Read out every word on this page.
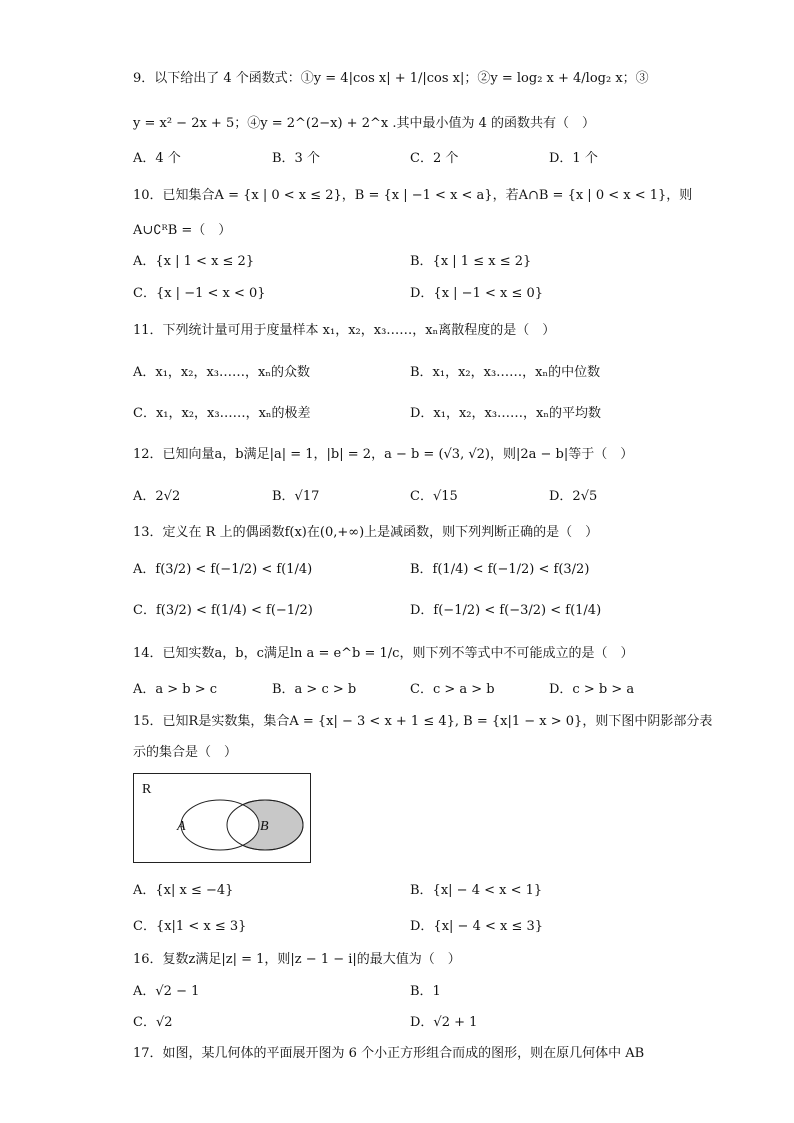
9．以下给出了 4 个函数式：①y = 4|cos x| + 1/|cos x|；②y = log₂ x + 4/log₂ x；③
y = x² − 2x + 5；④y = 2^(2−x) + 2^x .其中最小值为 4 的函数共有（　）
A．4 个	B．3 个	C．2 个	D．1 个
10．已知集合A = {x | 0 < x ≤ 2}，B = {x | −1 < x < a}，若A∩B = {x | 0 < x < 1}，则
A∪∁ᴿB =（　）
A．{x | 1 < x ≤ 2}	B．{x | 1 ≤ x ≤ 2}
C．{x | −1 < x < 0}	D．{x | −1 < x ≤ 0}
11．下列统计量可用于度量样本 x₁，x₂，x₃……，xₙ离散程度的是（　）
A．x₁，x₂，x₃……，xₙ的众数	B．x₁，x₂，x₃……，xₙ的中位数
C．x₁，x₂，x₃……，xₙ的极差	D．x₁，x₂，x₃……，xₙ的平均数
12．已知向量a，b满足|a| = 1，|b| = 2，a − b = (√3, √2)，则|2a − b|等于（　）
A．2√2	B．√17	C．√15	D．2√5
13．定义在 R 上的偶函数f(x)在(0,+∞)上是减函数，则下列判断正确的是（　）
A．f(3/2) < f(−1/2) < f(1/4)	B．f(1/4) < f(−1/2) < f(3/2)
C．f(3/2) < f(1/4) < f(−1/2)	D．f(−1/2) < f(−3/2) < f(1/4)
14．已知实数a，b，c满足ln a = e^b = 1/c，则下列不等式中不可能成立的是（　）
A．a > b > c	B．a > c > b	C．c > a > b	D．c > b > a
15．已知R是实数集，集合A = {x| − 3 < x + 1 ≤ 4}, B = {x|1 − x > 0}，则下图中阴影部分表
示的集合是（　）
R
A	B
A．{x| x ≤ −4}	B．{x| − 4 < x < 1}
C．{x|1 < x ≤ 3}	D．{x| − 4 < x ≤ 3}
16．复数z满足|z| = 1，则|z − 1 − i|的最大值为（　）
A．√2 − 1	B．1
C．√2	D．√2 + 1
17．如图，某几何体的平面展开图为 6 个小正方形组合而成的图形，则在原几何体中 AB
